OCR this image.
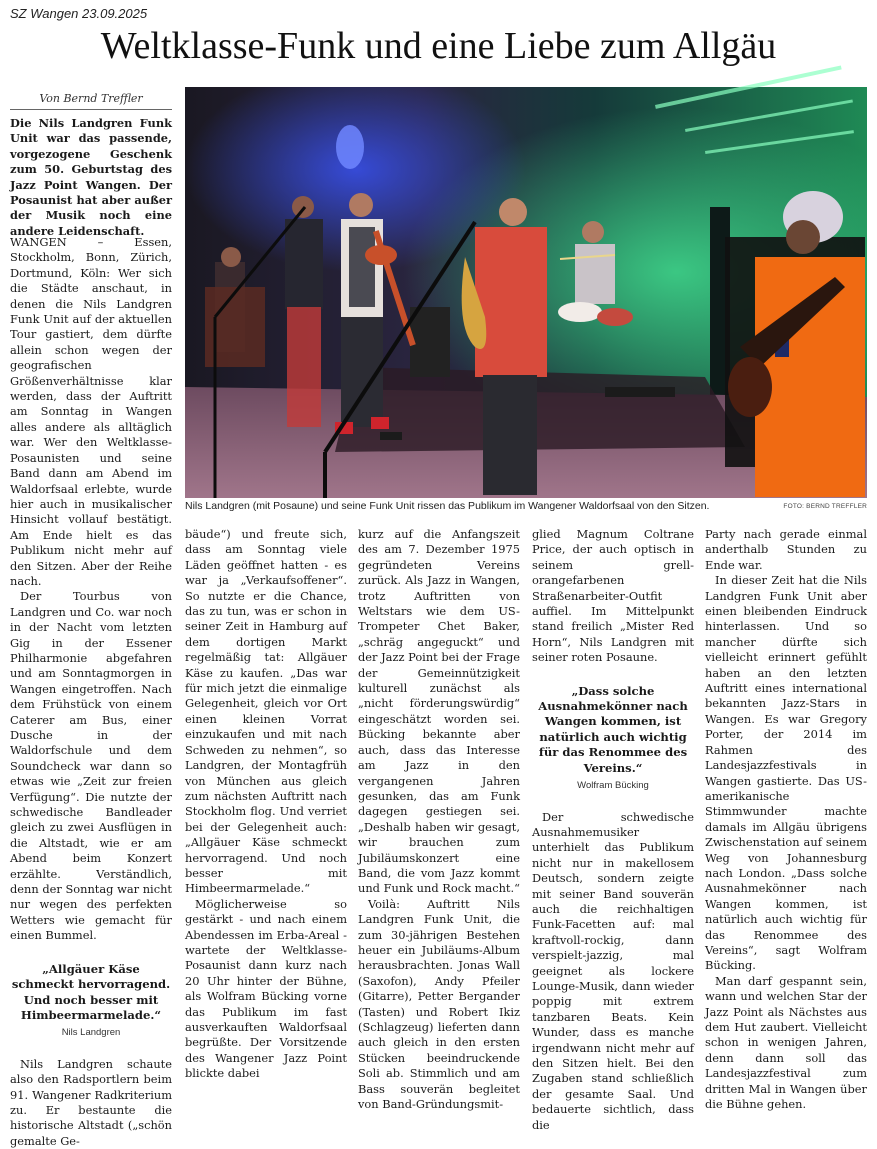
SZ Wangen 23.09.2025
Weltklasse-Funk und eine Liebe zum Allgäu
Von Bernd Treffler
Die Nils Landgren Funk Unit war das passende, vorgezogene Geschenk zum 50. Geburtstag des Jazz Point Wangen. Der Posaunist hat aber außer der Musik noch eine andere Leidenschaft.
Nils Landgren (mit Posaune) und seine Funk Unit rissen das Publikum im Wangener Waldorfsaal von den Sitzen.	FOTO: BERND TREFFLER

WANGEN – Essen, Stockholm, Bonn, Zürich, Dortmund, Köln: Wer sich die Städte anschaut, in denen die Nils Landgren Funk Unit auf der aktuellen Tour gastiert, dem dürfte allein schon wegen der geografischen Größenverhältnisse klar werden, dass der Auftritt am Sonntag in Wangen alles andere als alltäglich war. Wer den Weltklasse-Posaunisten und seine Band dann am Abend im Waldorfsaal erlebte, wurde hier auch in musikalischer Hinsicht vollauf bestätigt. Am Ende hielt es das Publikum nicht mehr auf den Sitzen. Aber der Reihe nach.

Der Tourbus von Landgren und Co. war noch in der Nacht vom letzten Gig in der Essener Philharmonie abgefahren und am Sonntagmorgen in Wangen eingetroffen. Nach dem Frühstück von einem Caterer am Bus, einer Dusche in der Waldorfschule und dem Soundcheck war dann so etwas wie „Zeit zur freien Verfügung“. Die nutzte der schwedische Bandleader gleich zu zwei Ausflügen in die Altstadt, wie er am Abend beim Konzert erzählte. Verständlich, denn der Sonntag war nicht nur wegen des perfekten Wetters wie gemacht für einen Bummel.

„Allgäuer Käse schmeckt hervorragend. Und noch besser mit Himbeermarmelade.“
Nils Landgren

Nils Landgren schaute also den Radsportlern beim 91. Wangener Radkriterium zu. Er bestaunte die historische Altstadt („schön gemalte Ge-

bäude“) und freute sich, dass am Sonntag viele Läden geöffnet hatten - es war ja „Verkaufsoffener“. So nutzte er die Chance, das zu tun, was er schon in seiner Zeit in Hamburg auf dem dortigen Markt regelmäßig tat: Allgäuer Käse zu kaufen. „Das war für mich jetzt die einmalige Gelegenheit, gleich vor Ort einen kleinen Vorrat einzukaufen und mit nach Schweden zu nehmen“, so Landgren, der Montagfrüh von München aus gleich zum nächsten Auftritt nach Stockholm flog. Und verriet bei der Gelegenheit auch: „Allgäuer Käse schmeckt hervorragend. Und noch besser mit Himbeermarmelade.“

Möglicherweise so gestärkt - und nach einem Abendessen im Erba-Areal - wartete der Weltklasse-Posaunist dann kurz nach 20 Uhr hinter der Bühne, als Wolfram Bücking vorne das Publikum im fast ausverkauften Waldorfsaal begrüßte. Der Vorsitzende des Wangener Jazz Point blickte dabei

kurz auf die Anfangszeit des am 7. Dezember 1975 gegründeten Vereins zurück. Als Jazz in Wangen, trotz Auftritten von Weltstars wie dem US-Trompeter Chet Baker, „schräg angeguckt“ und der Jazz Point bei der Frage der Gemeinnützigkeit kulturell zunächst als „nicht förderungswürdig“ eingeschätzt worden sei. Bücking bekannte aber auch, dass das Interesse am Jazz in den vergangenen Jahren gesunken, das am Funk dagegen gestiegen sei. „Deshalb haben wir gesagt, wir brauchen zum Jubiläumskonzert eine Band, die vom Jazz kommt und Funk und Rock macht.“

Voilà: Auftritt Nils Landgren Funk Unit, die zum 30-jährigen Bestehen heuer ein Jubiläums-Album herausbrachten. Jonas Wall (Saxofon), Andy Pfeiler (Gitarre), Petter Bergander (Tasten) und Robert Ikiz (Schlagzeug) lieferten dann auch gleich in den ersten Stücken beeindruckende Soli ab. Stimmlich und am Bass souverän begleitet von Band-Gründungsmit-

glied Magnum Coltrane Price, der auch optisch in seinem grell-orangefarbenen Straßenarbeiter-Outfit auffiel. Im Mittelpunkt stand freilich „Mister Red Horn“, Nils Landgren mit seiner roten Posaune.

„Dass solche Ausnahmekönner nach Wangen kommen, ist natürlich auch wichtig für das Renommee des Vereins.“
Wolfram Bücking

Der schwedische Ausnahmemusiker unterhielt das Publikum nicht nur in makellosem Deutsch, sondern zeigte mit seiner Band souverän auch die reichhaltigen Funk-Facetten auf: mal kraftvoll-rockig, dann verspielt-jazzig, mal geeignet als lockere Lounge-Musik, dann wieder poppig mit extrem tanzbaren Beats. Kein Wunder, dass es manche irgendwann nicht mehr auf den Sitzen hielt. Bei den Zugaben stand schließlich der gesamte Saal. Und bedauerte sichtlich, dass die

Party nach gerade einmal anderthalb Stunden zu Ende war.

In dieser Zeit hat die Nils Landgren Funk Unit aber einen bleibenden Eindruck hinterlassen. Und so mancher dürfte sich vielleicht erinnert gefühlt haben an den letzten Auftritt eines international bekannten Jazz-Stars in Wangen. Es war Gregory Porter, der 2014 im Rahmen des Landesjazzfestivals in Wangen gastierte. Das US-amerikanische Stimmwunder machte damals im Allgäu übrigens Zwischenstation auf seinem Weg von Johannesburg nach London. „Dass solche Ausnahmekönner nach Wangen kommen, ist natürlich auch wichtig für das Renommee des Vereins“, sagt Wolfram Bücking.

Man darf gespannt sein, wann und welchen Star der Jazz Point als Nächstes aus dem Hut zaubert. Vielleicht schon in wenigen Jahren, denn dann soll das Landesjazzfestival zum dritten Mal in Wangen über die Bühne gehen.
